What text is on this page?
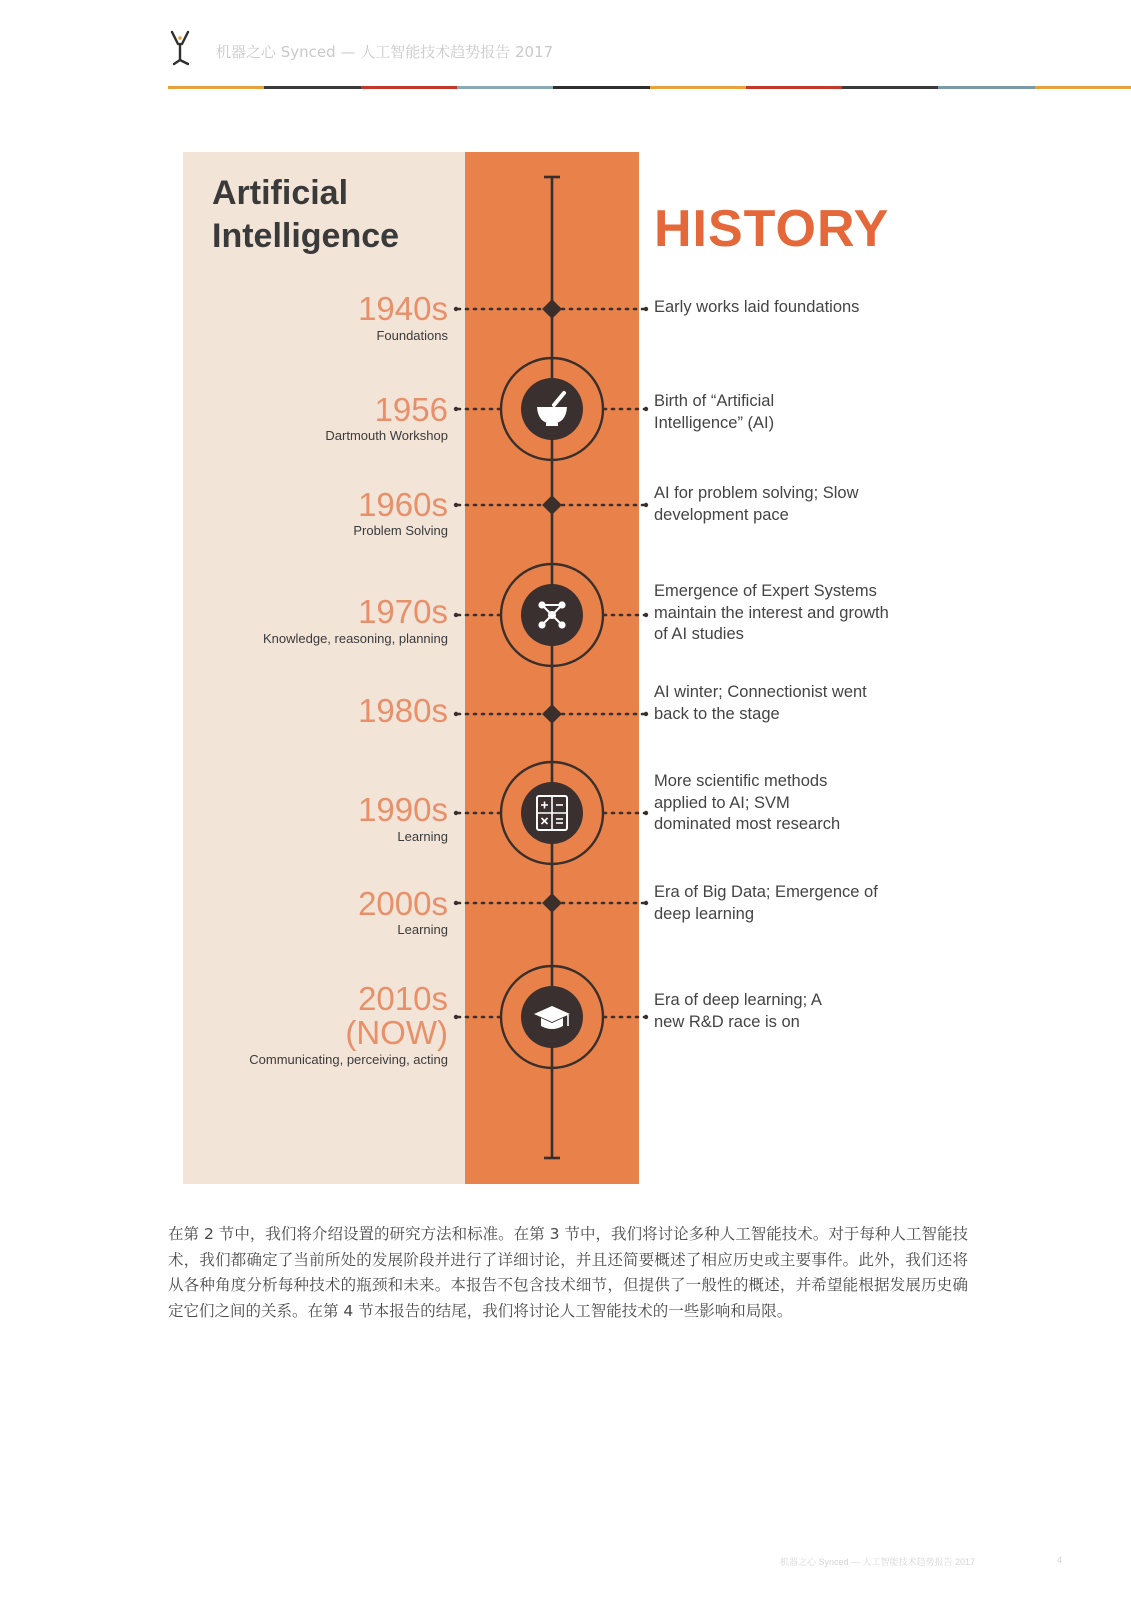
机器之心 Synced — 人工智能技术趋势报告 2017
Artificial Intelligence	HISTORY
1940s
Foundations
1956
Dartmouth Workshop
1960s
Problem Solving
1970s
Knowledge, reasoning, planning
1980s
1990s
Learning
2000s
Learning
2010s
(NOW)
Communicating, perceiving, acting
Early works laid foundations
Birth of “Artificial Intelligence” (AI)
AI for problem solving; Slow development pace
Emergence of Expert Systems maintain the interest and growth of AI studies
AI winter; Connectionist went back to the stage
More scientific methods applied to AI; SVM dominated most research
Era of Big Data; Emergence of deep learning
Era of deep learning; A new R&D race is on

在第 2 节中，我们将介绍设置的研究方法和标准。在第 3 节中，我们将讨论多种人工智能技术。对于每种人工智能技术，我们都确定了当前所处的发展阶段并进行了详细讨论，并且还简要概述了相应历史或主要事件。此外，我们还将从各种角度分析每种技术的瓶颈和未来。本报告不包含技术细节，但提供了一般性的概述，并希望能根据发展历史确定它们之间的关系。在第 4 节本报告的结尾，我们将讨论人工智能技术的一些影响和局限。

机器之心 Synced — 人工智能技术趋势报告 2017	4
